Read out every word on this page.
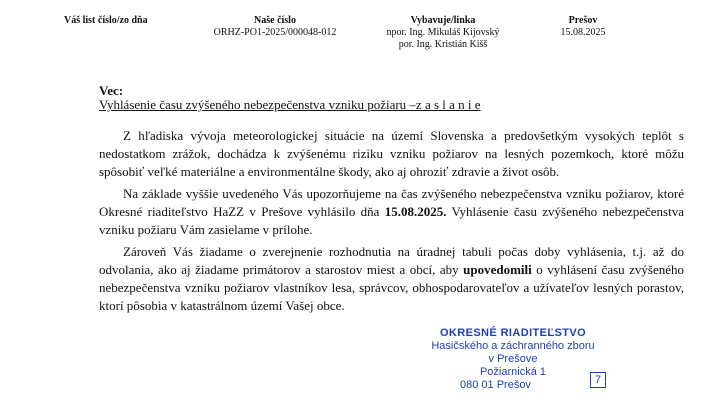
Váš list číslo/zo dňa	Naše číslo
ORHZ-PO1-2025/000048-012
Vybavuje/linka
npor. Ing. Mikuláš Kijovský
por. Ing. Kristián Kišš
Prešov
15.08.2025
Vec:
Vyhlásenie času zvýšeného nebezpečenstva vzniku požiaru –z a s l a n i e

Z hľadiska vývoja meteorologickej situácie na území Slovenska a predovšetkým vysokých teplôt s nedostatkom zrážok, dochádza k zvýšenému riziku vzniku požiarov na lesných pozemkoch, ktoré môžu spôsobiť veľké materiálne a environmentálne škody, ako aj ohroziť zdravie a život osôb.

Na základe vyššie uvedeného Vás upozorňujeme na čas zvýšeného nebezpečenstva vzniku požiarov, ktoré Okresné riaditeľstvo HaZZ v Prešove vyhlásilo dňa 15.08.2025. Vyhlásenie času zvýšeného nebezpečenstva vzniku požiaru Vám zasielame v prílohe.

Zároveň Vás žiadame o zverejnenie rozhodnutia na úradnej tabuli počas doby vyhlásenia, t.j. až do odvolania, ako aj žiadame primátorov a starostov miest a obcí, aby upovedomili o vyhlásení času zvýšeného nebezpečenstva vzniku požiarov vlastníkov lesa, správcov, obhospodarovateľov a užívateľov lesných porastov, ktorí pôsobia v katastrálnom území Vašej obce.

OKRESNÉ RIADITEĽSTVO
Hasičského a záchranného zboru
v Prešove
Požiarnická 1
080 01 Prešov	7
